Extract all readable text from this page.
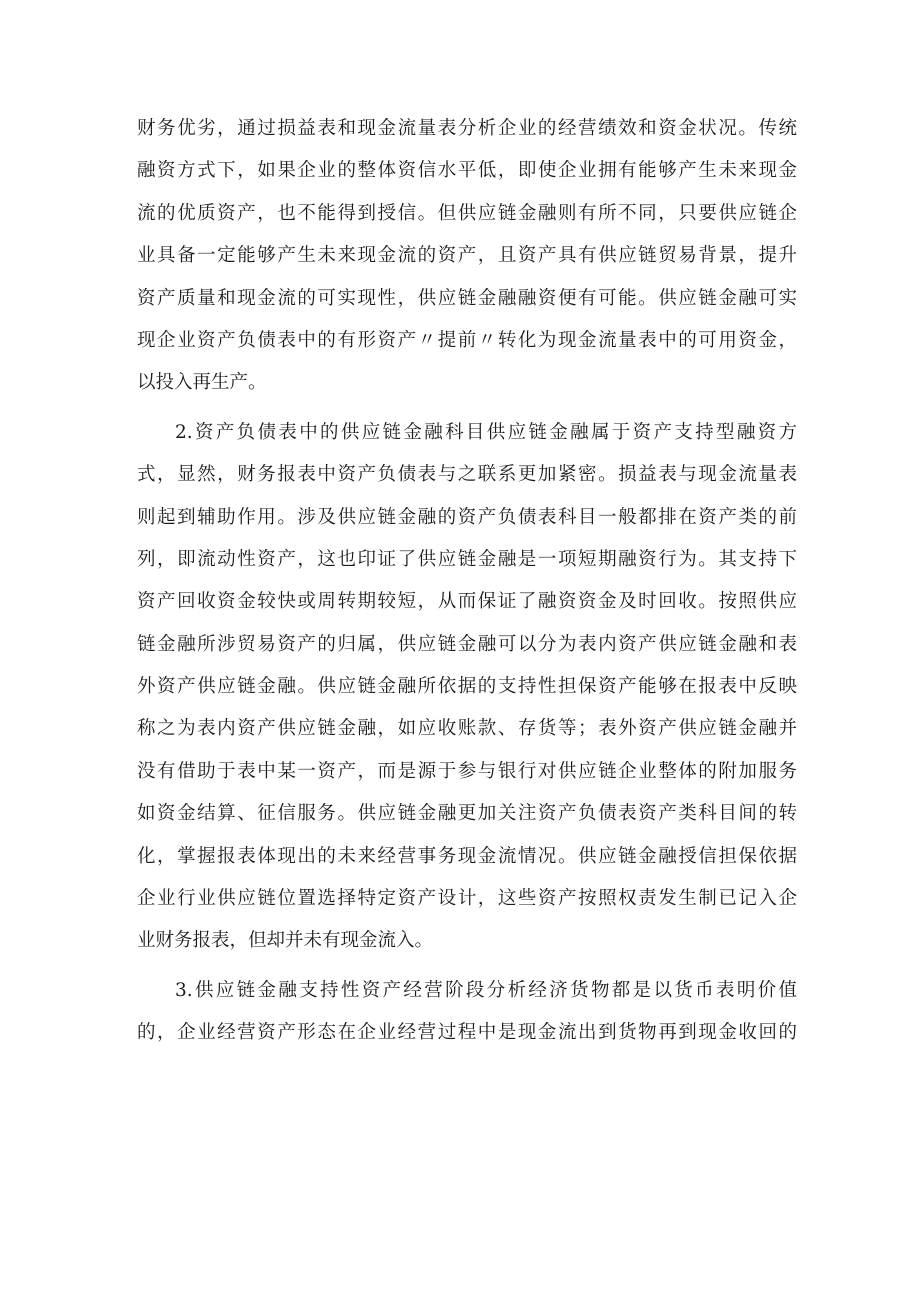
财务优劣，通过损益表和现金流量表分析企业的经营绩效和资金状况。传统
融资方式下，如果企业的整体资信水平低，即使企业拥有能够产生未来现金
流的优质资产，也不能得到授信。但供应链金融则有所不同，只要供应链企
业具备一定能够产生未来现金流的资产，且资产具有供应链贸易背景，提升
资产质量和现金流的可实现性，供应链金融融资便有可能。供应链金融可实
现企业资产负债表中的有形资产〃提前〃转化为现金流量表中的可用资金，
以投入再生产。
2.资产负债表中的供应链金融科目供应链金融属于资产支持型融资方
式，显然，财务报表中资产负债表与之联系更加紧密。损益表与现金流量表
则起到辅助作用。涉及供应链金融的资产负债表科目一般都排在资产类的前
列，即流动性资产，这也印证了供应链金融是一项短期融资行为。其支持下
资产回收资金较快或周转期较短，从而保证了融资资金及时回收。按照供应
链金融所涉贸易资产的归属，供应链金融可以分为表内资产供应链金融和表
外资产供应链金融。供应链金融所依据的支持性担保资产能够在报表中反映
称之为表内资产供应链金融，如应收账款、存货等；表外资产供应链金融并
没有借助于表中某一资产，而是源于参与银行对供应链企业整体的附加服务
如资金结算、征信服务。供应链金融更加关注资产负债表资产类科目间的转
化，掌握报表体现出的未来经营事务现金流情况。供应链金融授信担保依据
企业行业供应链位置选择特定资产设计，这些资产按照权责发生制已记入企
业财务报表，但却并未有现金流入。
3.供应链金融支持性资产经营阶段分析经济货物都是以货币表明价值
的，企业经营资产形态在企业经营过程中是现金流出到货物再到现金收回的
